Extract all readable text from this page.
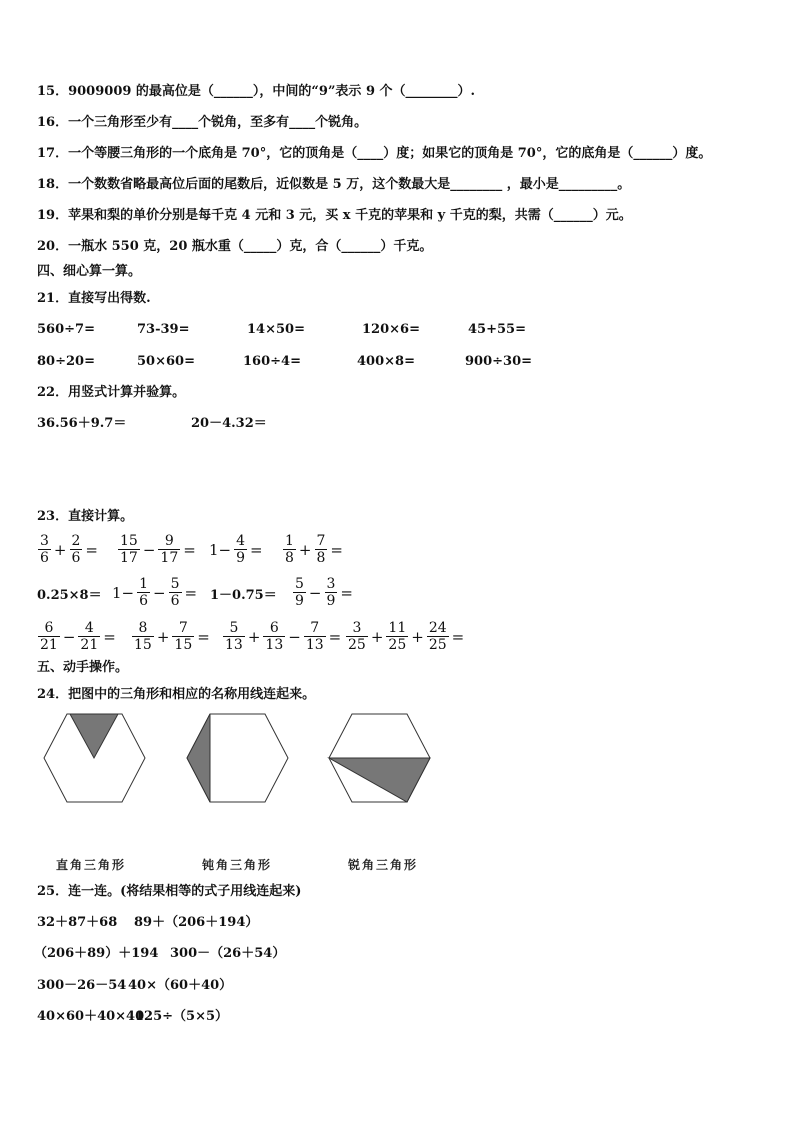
15．9009009 的最高位是（______），中间的“9”表示 9 个（________）.
16．一个三角形至少有____个锐角，至多有____个锐角。
17．一个等腰三角形的一个底角是 70°，它的顶角是（____）度；如果它的顶角是 70°，它的底角是（______）度。
18．一个数数省略最高位后面的尾数后，近似数是 5 万，这个数最大是________ ，最小是_________。
19．苹果和梨的单价分别是每千克 4 元和 3 元，买 x 千克的苹果和 y 千克的梨，共需（______）元。
20．一瓶水 550 克，20 瓶水重（_____）克，合（______）千克。
四、细心算一算。
21．直接写出得数.
560÷7=	73-39=	14×50=	120×6=	45+55=
80÷20=	50×60=	160÷4=	400×8=	900÷30=
22．用竖式计算并验算。
36.56＋9.7＝	20－4.32＝
23．直接计算。
$\frac{3}{6} + \frac{2}{6} = \frac{15}{17} - \frac{9}{17} = 1- \frac{4}{9} = \frac{1}{8} + \frac{7}{8}$ =
$0.25\times 8= 1- \frac{1}{6} - \frac{5}{6} = 1-0.75= \frac{5}{9} - \frac{3}{9}$ =
$\frac{6}{21} - \frac{4}{21} = \frac{8}{15} + \frac{7}{15} = \frac{5}{13} + \frac{6}{13} - \frac{7}{13} = \frac{3}{25} + \frac{11}{25} + \frac{24}{25}$ =
五、动手操作。
24．把图中的三角形和相应的名称用线连起来。
直角三角形	钝角三角形	锐角三角形
25．连一连。(将结果相等的式子用线连起来)
32＋87＋68 89＋（206＋194）
（206＋89）＋194 300－（26＋54）
300－26－54 40×（60＋40）
40×60＋40×40
125÷（5×5）
